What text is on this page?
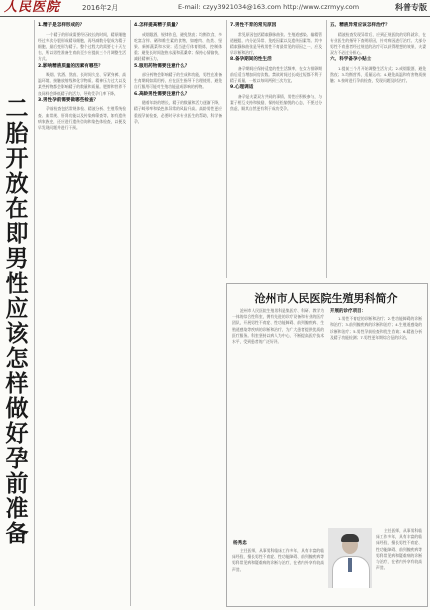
人民医院	2016年2月	E-mail: czyy3921034@163.com http://www.czrmyy.com	科普专版
二胎开放在即男性应该怎样做好孕前准备
1.精子是怎样形成的？

一个精子的形成需要经历较长的时间，精原细胞经过多次分裂形成精母细胞，再经减数分裂成为精子细胞，最后变形为精子。整个过程大约需要七十天左右，所以男性准备生育前至少应提前三个月调整生活方式。

2.影响精液质量的因素有哪些？

吸烟、饮酒、熬夜、长时间久坐、穿紧身裤、高温环境、接触放射线和化学物质、精神压力过大以及某些药物都会影响精子的数量和质量。肥胖和营养不良同样会降低精子的活力，导致受孕几率下降。

3.男性孕前需要做哪些检查？

孕前检查包括常规体检、精液分析、生殖系统检查、血常规、肝肾功能以及传染病筛查等。如有遗传病家族史，还应进行遗传咨询和染色体检查，以便及早发现问题并进行干预。

4.怎样提高精子质量？

戒烟限酒，规律作息，避免熬夜；均衡饮食，多吃富含锌、硒和维生素的食物，如瘦肉、鱼类、坚果、新鲜蔬菜和水果；适当进行体育锻炼，控制体重；避免长时间泡热水澡和蒸桑拿；保持心情愉快，减轻精神压力。

5.服用药物需要注意什么？

部分药物会影响精子的生成和功能，男性在准备生育期间如需用药，应在医生指导下合理使用，避免自行服用可能对生殖功能造成影响的药物。

6.高龄男性需要注意什么？

随着年龄的增长，精子的数量和活力逐渐下降，精子畸形率和染色体异常的风险升高。高龄男性更应重视孕前检查，必要时寻求专业医生的帮助，科学备孕。

7.男性不育的常见原因

常见原因包括精索静脉曲张、生殖道感染、输精管道梗阻、内分泌异常、免疫因素以及遗传因素等。其中精索静脉曲张是导致男性不育最常见的原因之一，应及早诊断和治疗。

8.备孕期间的性生活

备孕期间应保持适度的性生活频率，在女方排卵期前后适当增加同房次数。禁欲时间过长或过短都不利于精子质量，一般以每周两到三次为宜。

9.心理调适

备孕是夫妻双方共同的事情，男性应积极参与，与妻子相互支持和鼓励，保持轻松愉悦的心态，不要过分焦虑，顺其自然更有利于成功受孕。

五、精液异常应该怎样治疗？

精液检查发现异常后，应到正规医院的男科就诊，在专业医生的指导下查明原因，针对病因进行治疗。大部分男性不育患者经过规范的治疗可以获得理想的效果，夫妻双方不必过分担心。

六、科学备孕小贴士

1.提前三个月开始调整生活方式；2.戒烟限酒，避免熬夜；3.均衡营养，适量运动；4.避免高温和有害物质接触；5.按时进行孕前检查，发现问题及时治疗。

沧州市人民医院生殖男科简介

沧州市人民医院生殖男科是集医疗、科研、教学为一体的综合性科室，拥有先进的诊疗设备和专业的医疗团队，开展男性不育症、性功能障碍、前列腺疾病、生殖道感染等疾病的诊断和治疗，为广大患者提供优质的医疗服务。科室坚持以病人为中心，不断提高医疗技术水平，受到患者的广泛好评。

开展的诊疗项目：

1.男性不育症的诊断和治疗；2.性功能障碍的诊断和治疗；3.前列腺疾病的诊断和治疗；4.生殖道感染的诊断和治疗；5.男性孕前检查和优生咨询；6.精液分析及精子功能检测；7.男性更年期综合征的诊治。

杨秀忠

主任医师，从事男科临床工作多年，具有丰富的临床经验，擅长男性不育症、性功能障碍、前列腺疾病等男科常见病和疑难病的诊断与治疗，在省内外享有较高声誉。

主任医师，从事男科临床工作多年，具有丰富的临床经验，擅长男性不育症、性功能障碍、前列腺疾病等男科常见病和疑难病的诊断与治疗，在省内外享有较高声誉。
